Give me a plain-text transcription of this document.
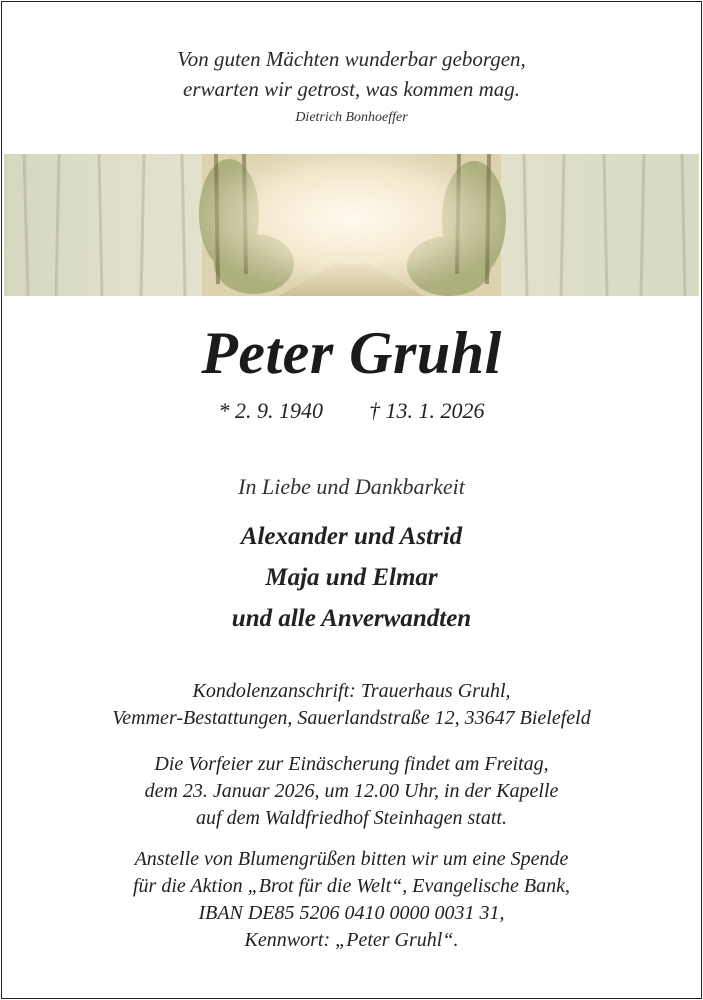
Von guten Mächten wunderbar geborgen,
erwarten wir getrost, was kommen mag.
Dietrich Bonhoeffer
Peter Gruhl
* 2. 9. 1940 † 13. 1. 2026
In Liebe und Dankbarkeit
Alexander und Astrid
Maja und Elmar
und alle Anverwandten
Kondolenzanschrift: Trauerhaus Gruhl,
Vemmer-Bestattungen, Sauerlandstraße 12, 33647 Bielefeld
Die Vorfeier zur Einäscherung findet am Freitag,
dem 23. Januar 2026, um 12.00 Uhr, in der Kapelle
auf dem Waldfriedhof Steinhagen statt.
Anstelle von Blumengrüßen bitten wir um eine Spende
für die Aktion „Brot für die Welt“, Evangelische Bank,
IBAN DE85 5206 0410 0000 0031 31,
Kennwort: „Peter Gruhl“.
